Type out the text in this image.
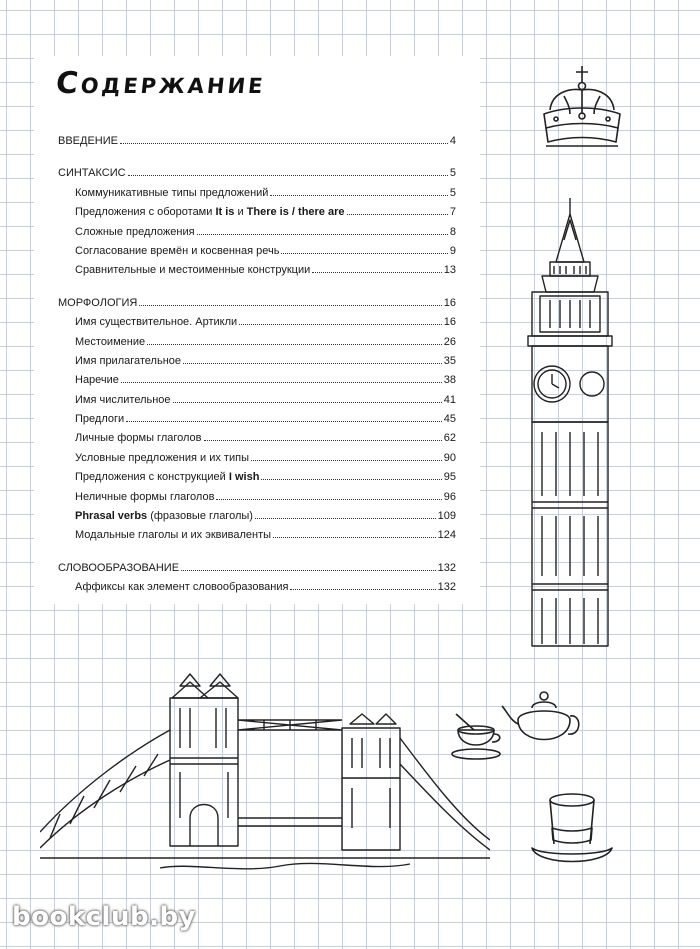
Содержание
ВВЕДЕНИЕ	4
СИНТАКСИС	5
Коммуникативные типы предложений	5
Предложения с оборотами It is и There is / there are	7
Сложные предложения	8
Согласование времён и косвенная речь	9
Сравнительные и местоименные конструкции	13
МОРФОЛОГИЯ	16
Имя существительное. Артикли	16
Местоимение	26
Имя прилагательное	35
Наречие	38
Имя числительное	41
Предлоги	45
Личные формы глаголов	62
Условные предложения и их типы	90
Предложения с конструкцией I wish	95
Неличные формы глаголов	96
Phrasal verbs (фразовые глаголы)	109
Модальные глаголы и их эквиваленты	124
СЛОВООБРАЗОВАНИЕ	132
Аффиксы как элемент словообразования	132
bookclub.by
